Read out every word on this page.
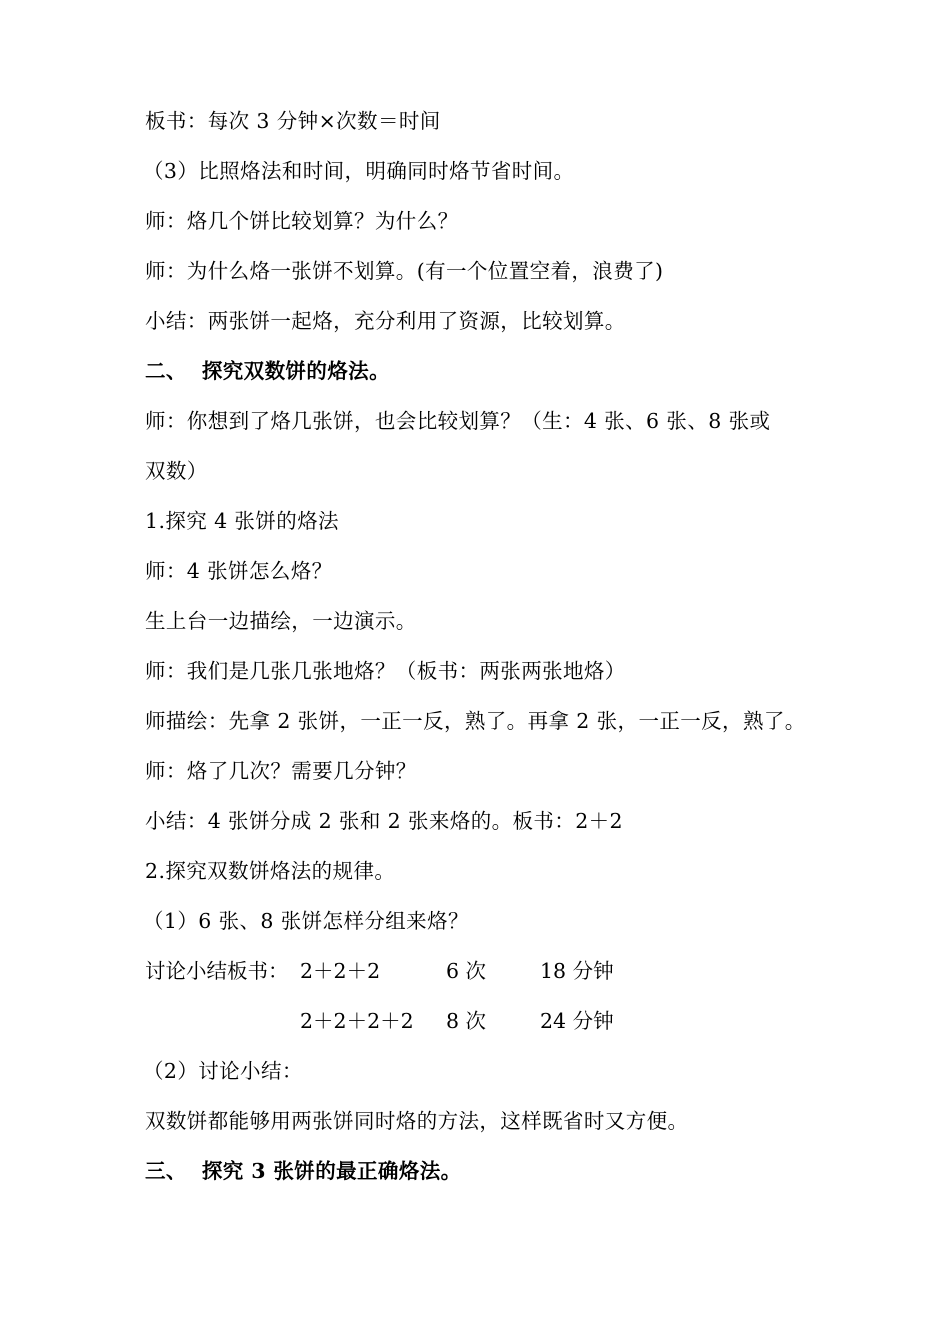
板书：每次 3 分钟×次数＝时间
（3）比照烙法和时间，明确同时烙节省时间。
师：烙几个饼比较划算？为什么？
师：为什么烙一张饼不划算。(有一个位置空着，浪费了)
小结：两张饼一起烙，充分利用了资源，比较划算。
二、  探究双数饼的烙法。
师：你想到了烙几张饼，也会比较划算？（生：4 张、6 张、8 张或
双数）
1.探究 4 张饼的烙法
师：4 张饼怎么烙？
生上台一边描绘，一边演示。
师：我们是几张几张地烙？（板书：两张两张地烙）
师描绘：先拿 2 张饼，一正一反，熟了。再拿 2 张，一正一反，熟了。
师：烙了几次？需要几分钟？
小结：4 张饼分成 2 张和 2 张来烙的。板书：2＋2
2.探究双数饼烙法的规律。
（1）6 张、8 张饼怎样分组来烙？
讨论小结板书： 2＋2＋2	6 次	18 分钟
2＋2＋2＋2 8 次	24 分钟
（2）讨论小结：
双数饼都能够用两张饼同时烙的方法，这样既省时又方便。
三、  探究 3 张饼的最正确烙法。
